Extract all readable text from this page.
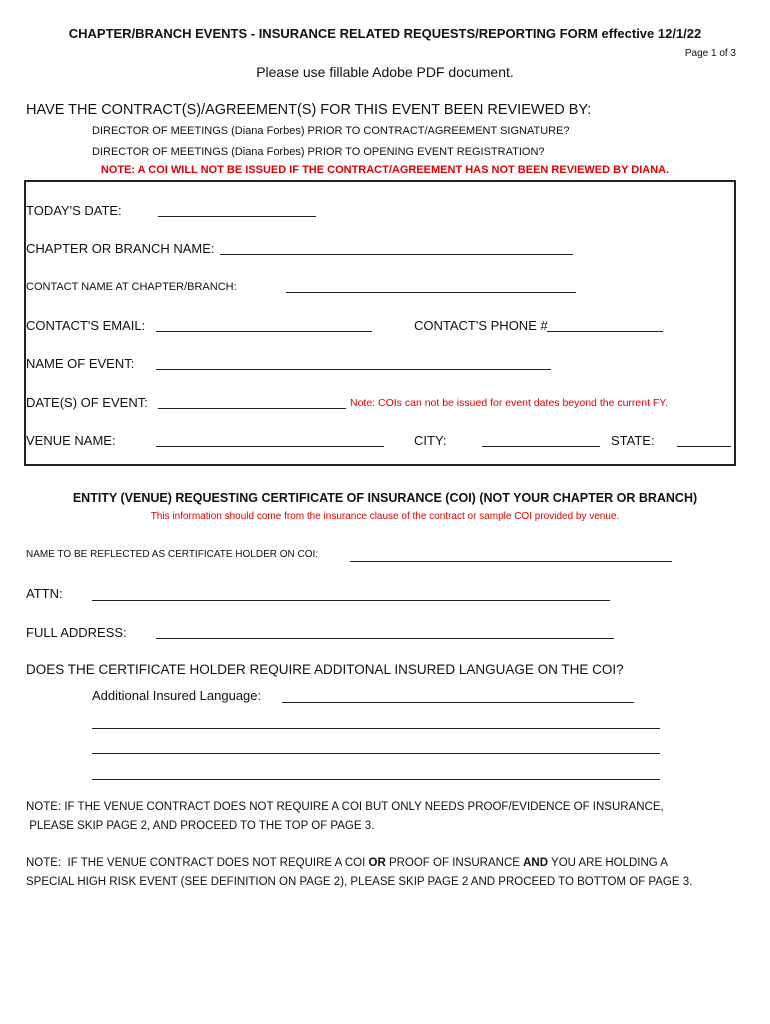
CHAPTER/BRANCH EVENTS - INSURANCE RELATED REQUESTS/REPORTING FORM effective 12/1/22
Page 1 of 3
Please use fillable Adobe PDF document.
HAVE THE CONTRACT(S)/AGREEMENT(S) FOR THIS EVENT BEEN REVIEWED BY:
DIRECTOR OF MEETINGS (Diana Forbes) PRIOR TO CONTRACT/AGREEMENT SIGNATURE?
DIRECTOR OF MEETINGS (Diana Forbes) PRIOR TO OPENING EVENT REGISTRATION?
NOTE: A COI WILL NOT BE ISSUED IF THE CONTRACT/AGREEMENT HAS NOT BEEN REVIEWED BY DIANA.
TODAY'S DATE:
CHAPTER OR BRANCH NAME:
CONTACT NAME AT CHAPTER/BRANCH:
CONTACT'S EMAIL:	CONTACT'S PHONE #
NAME OF EVENT:
DATE(S) OF EVENT:	Note: COIs can not be issued for event dates beyond the current FY.
VENUE NAME:	CITY:	STATE:
ENTITY (VENUE) REQUESTING CERTIFICATE OF INSURANCE (COI) (NOT YOUR CHAPTER OR BRANCH)
This information should come from the insurance clause of the contract or sample COI provided by venue.
NAME TO BE REFLECTED AS CERTIFICATE HOLDER ON COI:
ATTN:
FULL ADDRESS:
DOES THE CERTIFICATE HOLDER REQUIRE ADDITONAL INSURED LANGUAGE ON THE COI?
Additional Insured Language:
NOTE: IF THE VENUE CONTRACT DOES NOT REQUIRE A COI BUT ONLY NEEDS PROOF/EVIDENCE OF INSURANCE,
PLEASE SKIP PAGE 2, AND PROCEED TO THE TOP OF PAGE 3.
NOTE:  IF THE VENUE CONTRACT DOES NOT REQUIRE A COI OR PROOF OF INSURANCE AND YOU ARE HOLDING A
SPECIAL HIGH RISK EVENT (SEE DEFINITION ON PAGE 2), PLEASE SKIP PAGE 2 AND PROCEED TO BOTTOM OF PAGE 3.
